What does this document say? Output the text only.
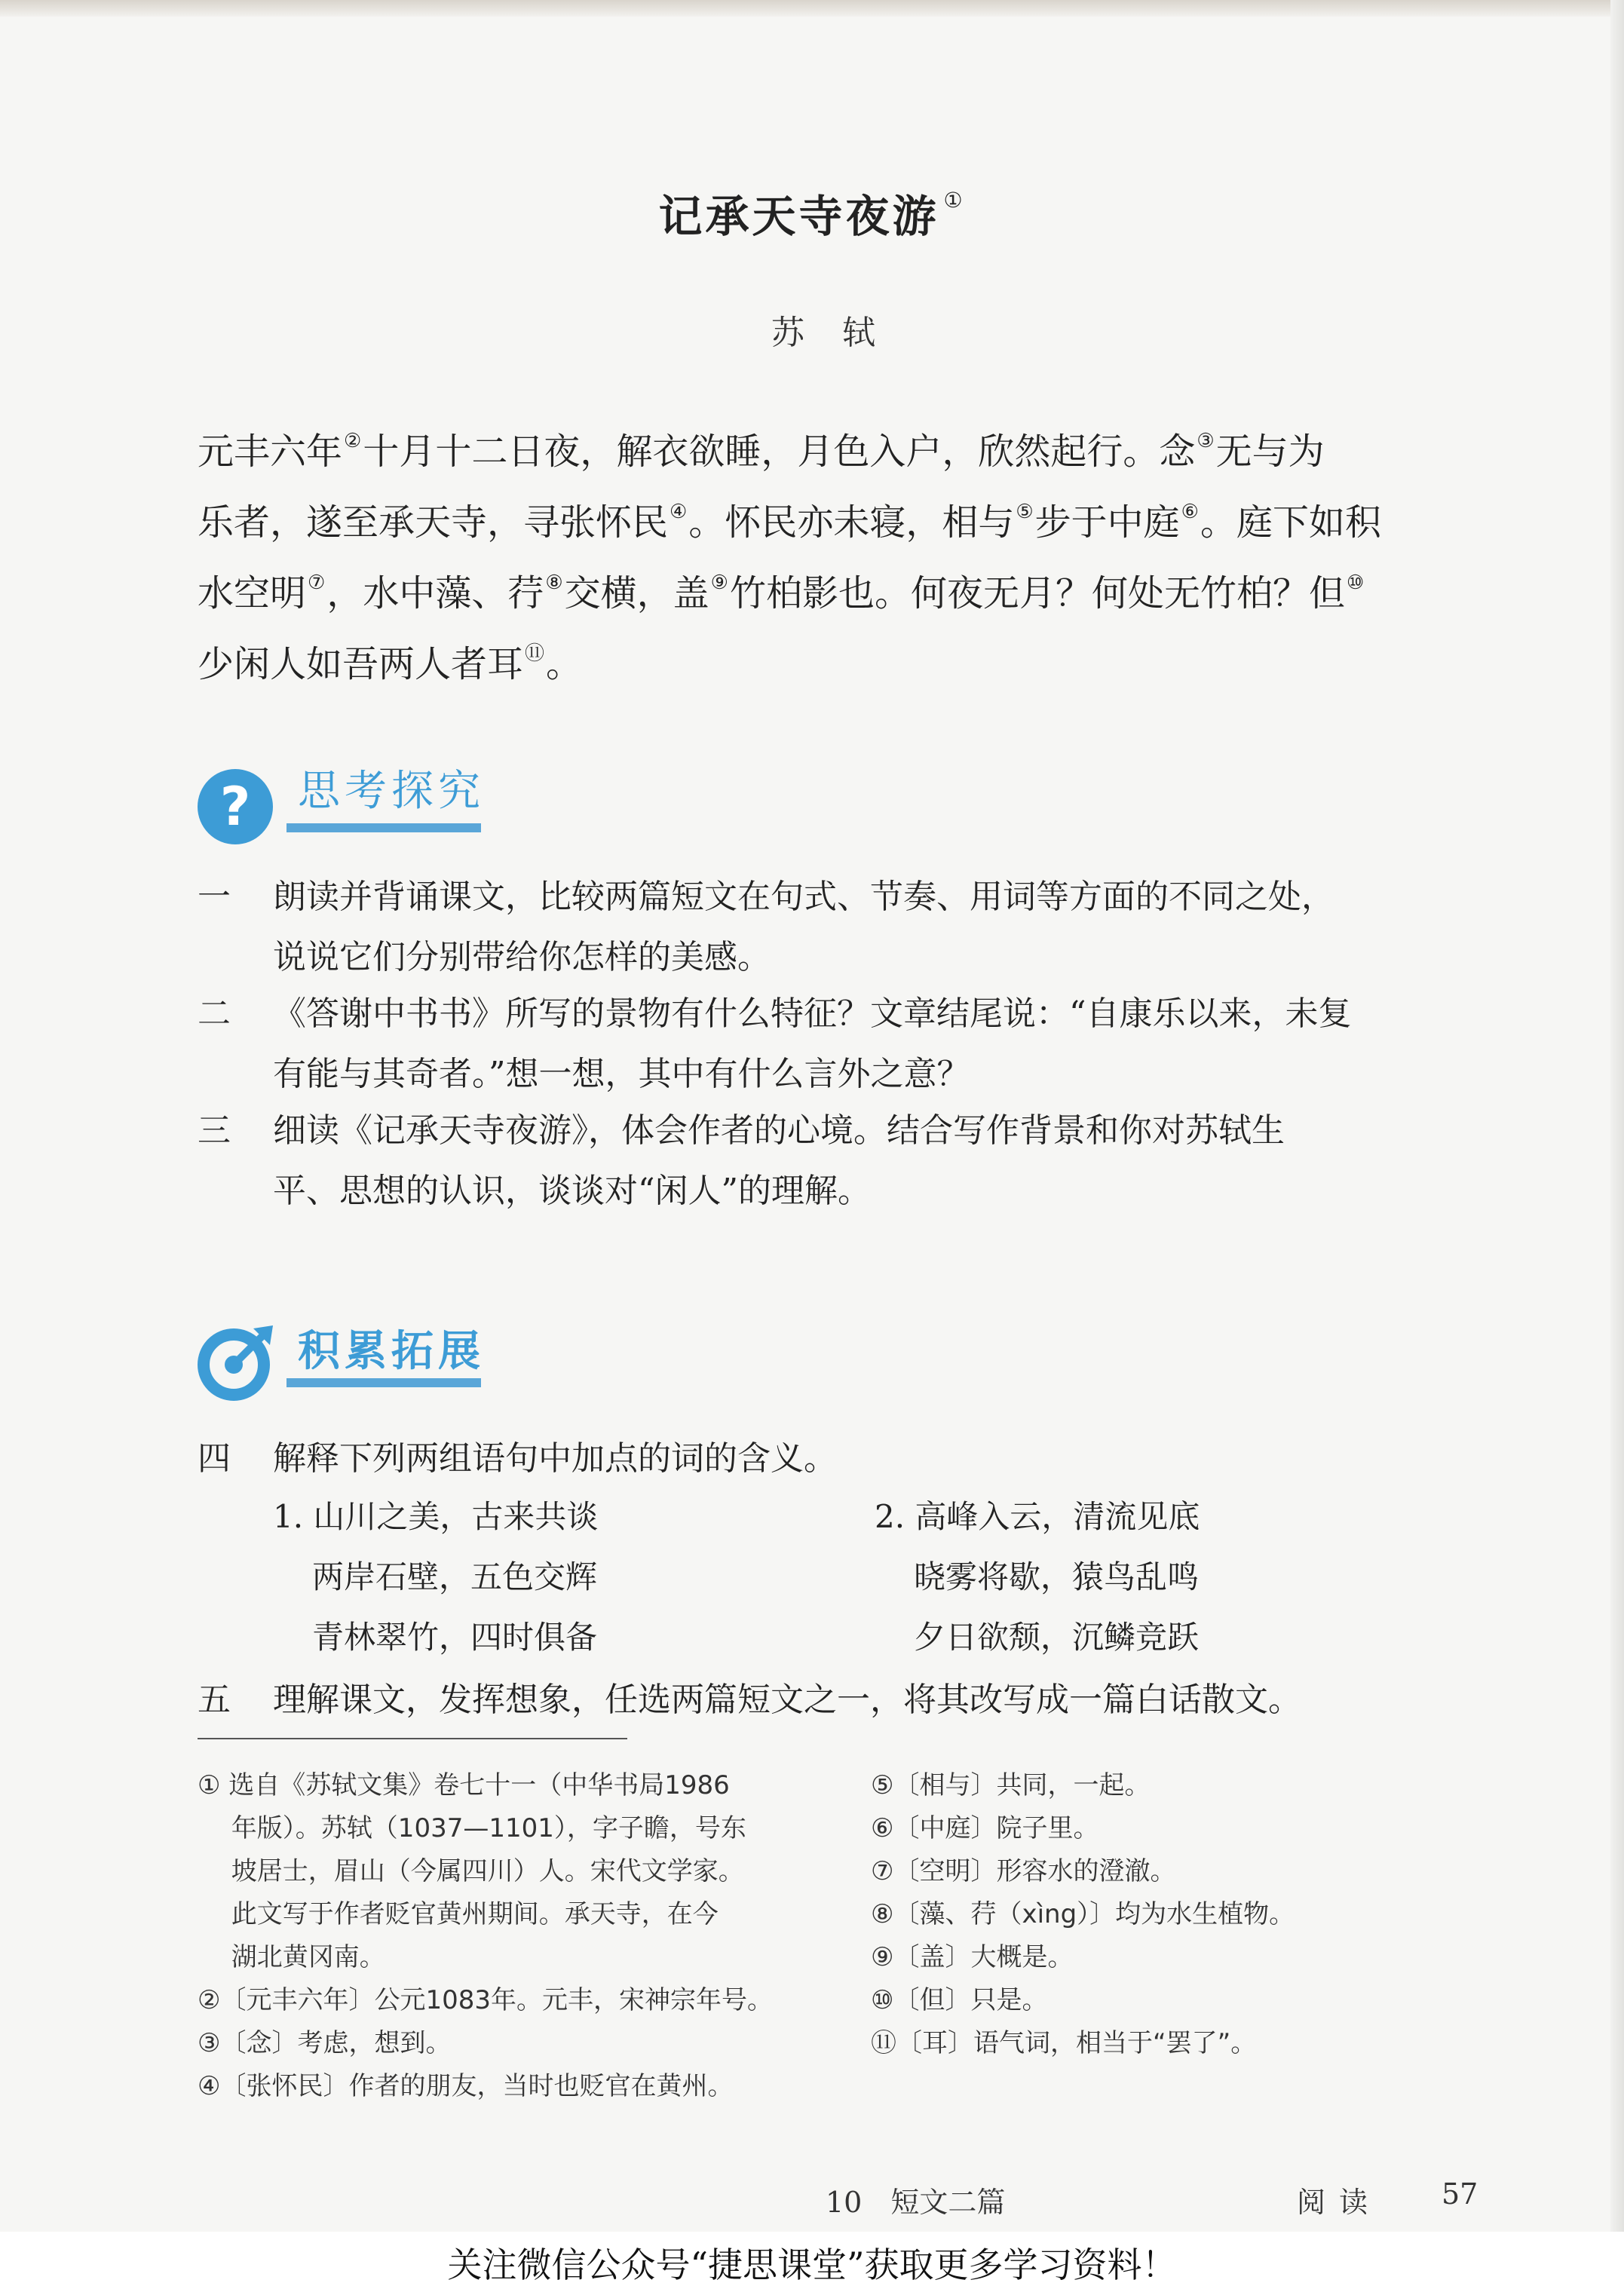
记承天寺夜游 ①
苏轼
元丰六年②十月十二日夜，解衣欲睡，月色入户，欣然起行。念③无与为
乐者，遂至承天寺，寻张怀民④。怀民亦未寝，相与⑤步于中庭⑥。庭下如积
水空明⑦，水中藻、荇⑧交横，盖⑨竹柏影也。何夜无月？何处无竹柏？但⑩
少闲人如吾两人者耳⑪。
?	思考探究
一 朗读并背诵课文，比较两篇短文在句式、节奏、用词等方面的不同之处，
说说它们分别带给你怎样的美感。
二 《答谢中书书》所写的景物有什么特征？文章结尾说：“自康乐以来，未复
有能与其奇者。”想一想，其中有什么言外之意？
三 细读《记承天寺夜游》，体会作者的心境。结合写作背景和你对苏轼生
平、思想的认识，谈谈对“闲人”的理解。
积累拓展
四 解释下列两组语句中加点的词的含义。
1. 山川之美，古来共谈
两岸石壁，五色交辉
青林翠竹，四时俱备
2. 高峰入云，清流见底
晓雾将歇，猿鸟乱鸣
夕日欲颓，沉鳞竞跃
五 理解课文，发挥想象，任选两篇短文之一，将其改写成一篇白话散文。
① 选自《苏轼文集》卷七十一（中华书局1986
　 年版）。苏轼（1037—1101），字子瞻，号东
　 坡居士，眉山（今属四川）人。宋代文学家。
　 此文写于作者贬官黄州期间。承天寺，在今
　 湖北黄冈南。
②〔元丰六年〕公元1083年。元丰，宋神宗年号。
③〔念〕考虑，想到。
④〔张怀民〕作者的朋友，当时也贬官在黄州。
⑤〔相与〕共同，一起。
⑥〔中庭〕院子里。
⑦〔空明〕形容水的澄澈。
⑧〔藻、荇（xìng）〕均为水生植物。
⑨〔盖〕大概是。
⑩〔但〕只是。
⑪〔耳〕语气词，相当于“罢了”。
10　短文二篇	阅读 57
关注微信公众号“捷思课堂”获取更多学习资料！
